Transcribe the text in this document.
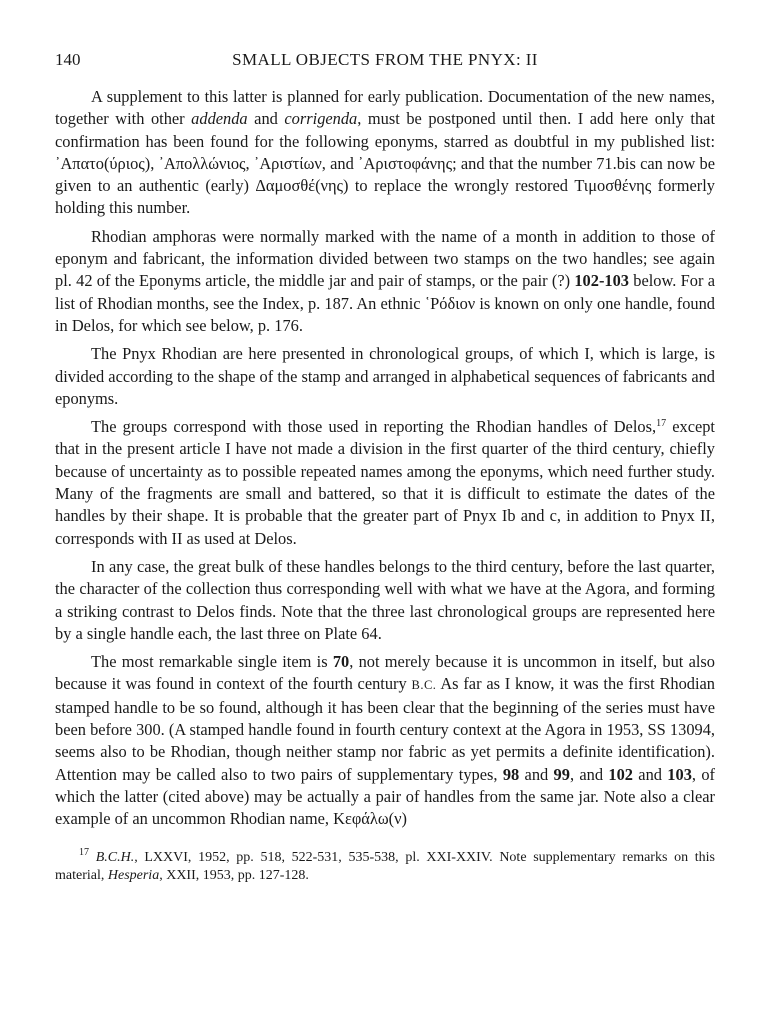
140	SMALL OBJECTS FROM THE PNYX: II

A supplement to this latter is planned for early publication. Documentation of the new names, together with other addenda and corrigenda, must be postponed until then. I add here only that confirmation has been found for the following eponyms, starred as doubtful in my published list: ᾿Απατο(ύριος), ᾿Απολλώνιος, ᾿Αριστίων, and ᾿Αριστοφάνης; and that the number 71.bis can now be given to an authentic (early) Δαμοσθέ(νης) to replace the wrongly restored Τιμοσθένης formerly holding this number.

Rhodian amphoras were normally marked with the name of a month in addition to those of eponym and fabricant, the information divided between two stamps on the two handles; see again pl. 42 of the Eponyms article, the middle jar and pair of stamps, or the pair (?) 102-103 below. For a list of Rhodian months, see the Index, p. 187. An ethnic ῾Ρόδιον is known on only one handle, found in Delos, for which see below, p. 176.

The Pnyx Rhodian are here presented in chronological groups, of which I, which is large, is divided according to the shape of the stamp and arranged in alphabetical sequences of fabricants and eponyms.

The groups correspond with those used in reporting the Rhodian handles of Delos,$^{17}$ except that in the present article I have not made a division in the first quarter of the third century, chiefly because of uncertainty as to possible repeated names among the eponyms, which need further study. Many of the fragments are small and battered, so that it is difficult to estimate the dates of the handles by their shape. It is probable that the greater part of Pnyx Ib and c, in addition to Pnyx II, corresponds with II as used at Delos.

In any case, the great bulk of these handles belongs to the third century, before the last quarter, the character of the collection thus corresponding well with what we have at the Agora, and forming a striking contrast to Delos finds. Note that the three last chronological groups are represented here by a single handle each, the last three on Plate 64.

The most remarkable single item is 70, not merely because it is uncommon in itself, but also because it was found in context of the fourth century B.C. As far as I know, it was the first Rhodian stamped handle to be so found, although it has been clear that the beginning of the series must have been before 300. (A stamped handle found in fourth century context at the Agora in 1953, SS 13094, seems also to be Rhodian, though neither stamp nor fabric as yet permits a definite identification). Attention may be called also to two pairs of supplementary types, 98 and 99, and 102 and 103, of which the latter (cited above) may be actually a pair of handles from the same jar. Note also a clear example of an uncommon Rhodian name, Κεφάλω(ν)

$^{17}$ B.C.H., LXXVI, 1952, pp. 518, 522-531, 535-538, pl. XXI-XXIV. Note supplementary remarks on this material, Hesperia, XXII, 1953, pp. 127-128.
